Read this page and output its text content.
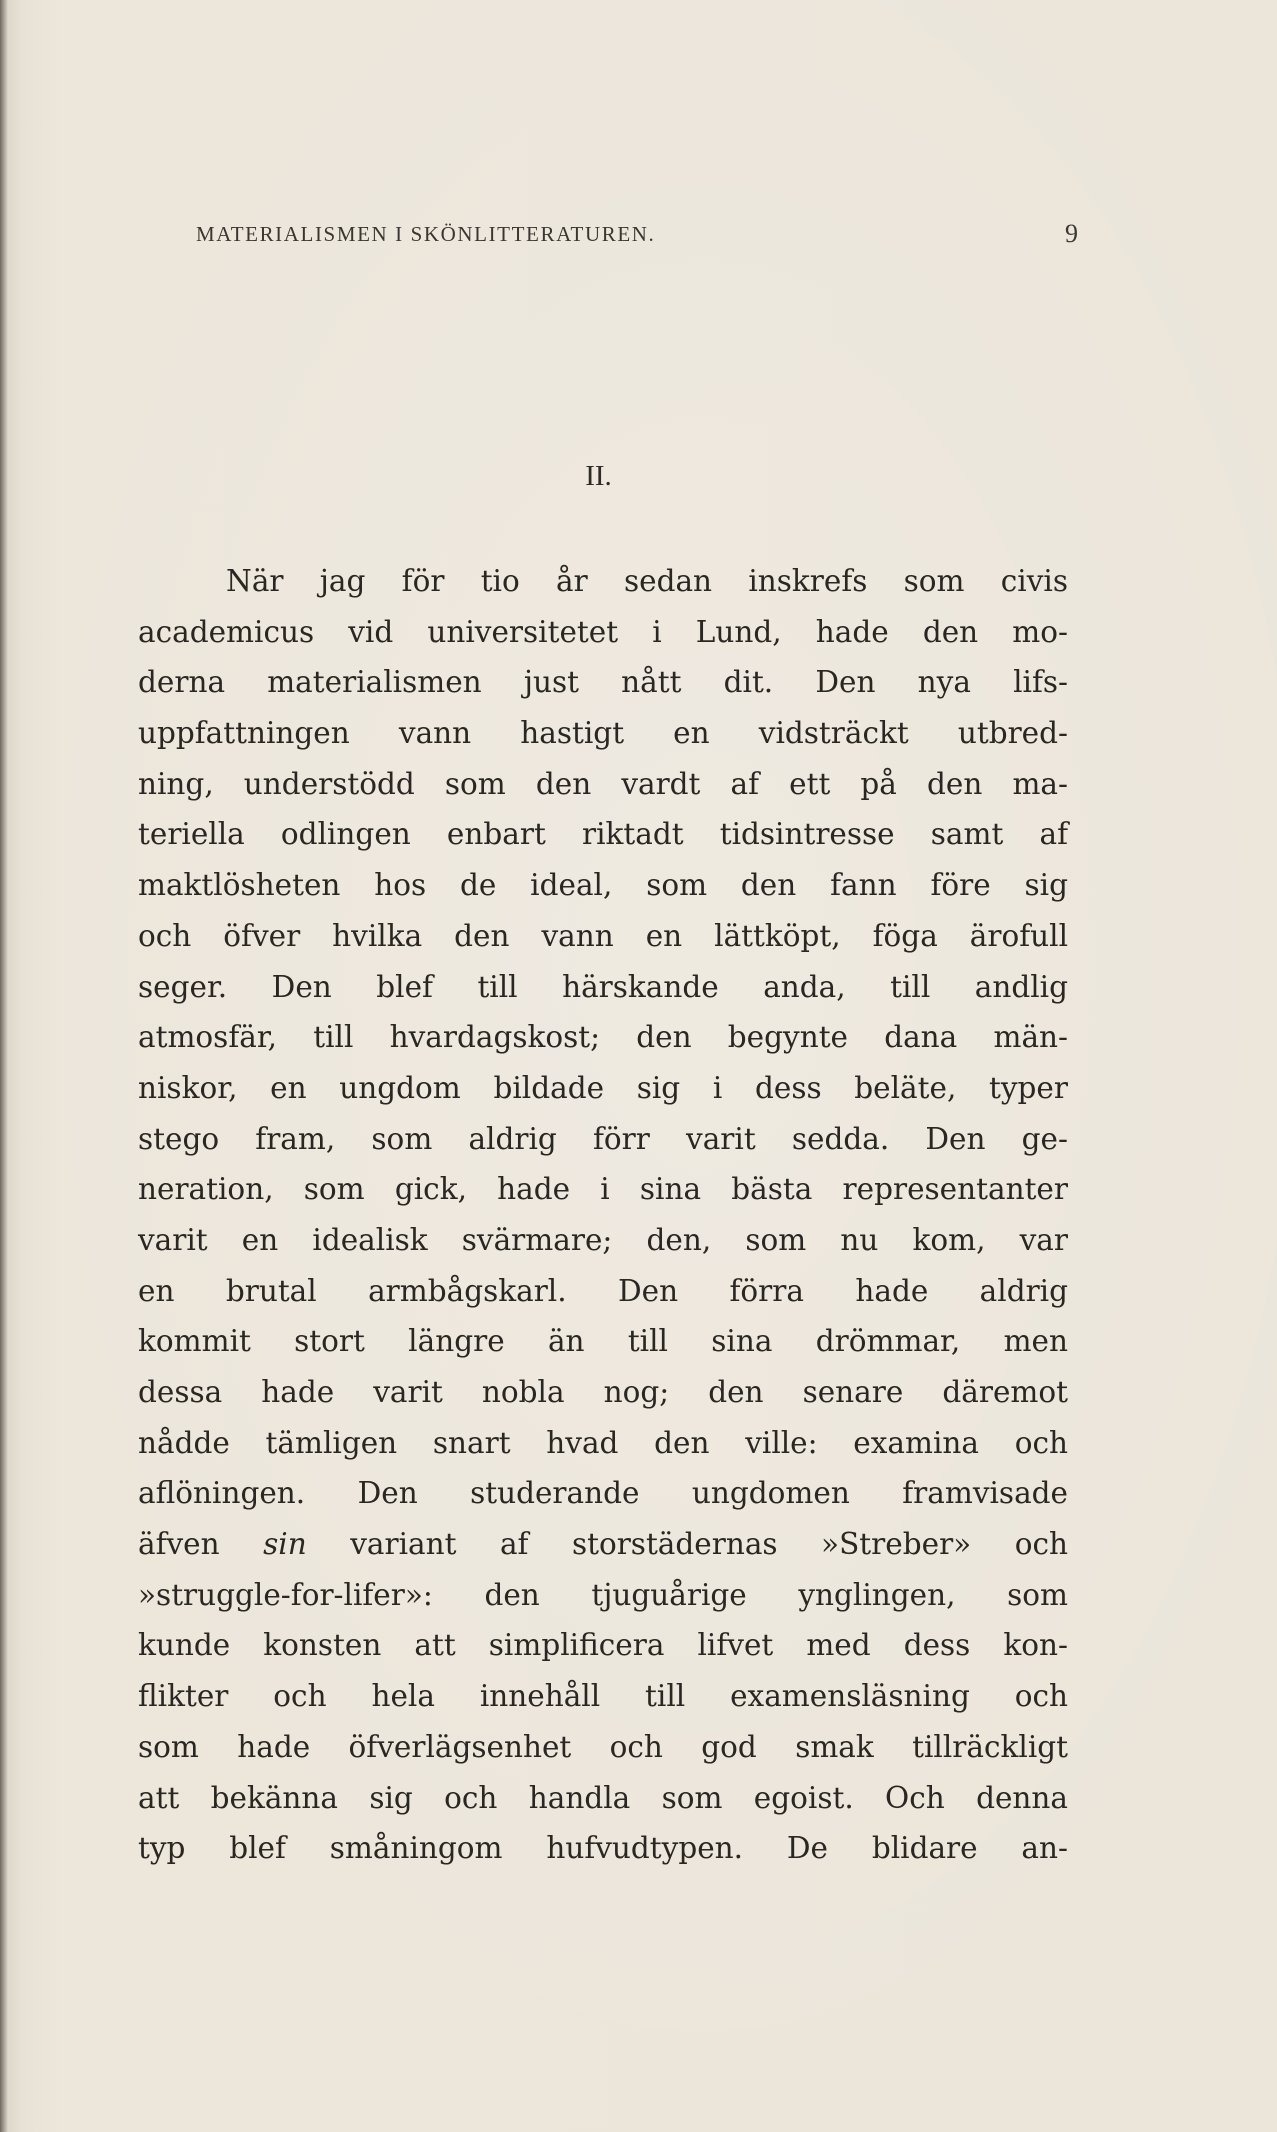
MATERIALISMEN I SKÖNLITTERATUREN.	9
II.
När jag för tio år sedan inskrefs som civis
academicus vid universitetet i Lund, hade den mo-
derna materialismen just nått dit. Den nya lifs-
uppfattningen vann hastigt en vidsträckt utbred-
ning, understödd som den vardt af ett på den ma-
teriella odlingen enbart riktadt tidsintresse samt af
maktlösheten hos de ideal, som den fann före sig
och öfver hvilka den vann en lättköpt, föga ärofull
seger. Den blef till härskande anda, till andlig
atmosfär, till hvardagskost; den begynte dana män-
niskor, en ungdom bildade sig i dess beläte, typer
stego fram, som aldrig förr varit sedda. Den ge-
neration, som gick, hade i sina bästa representanter
varit en idealisk svärmare; den, som nu kom, var
en brutal armbågskarl. Den förra hade aldrig
kommit stort längre än till sina drömmar, men
dessa hade varit nobla nog; den senare däremot
nådde tämligen snart hvad den ville: examina och
aflöningen. Den studerande ungdomen framvisade
äfven sin variant af storstädernas »Streber» och
»struggle-for-lifer»: den tjuguårige ynglingen, som
kunde konsten att simplificera lifvet med dess kon-
flikter och hela innehåll till examensläsning och
som hade öfverlägsenhet och god smak tillräckligt
att bekänna sig och handla som egoist. Och denna
typ blef småningom hufvudtypen. De blidare an-
